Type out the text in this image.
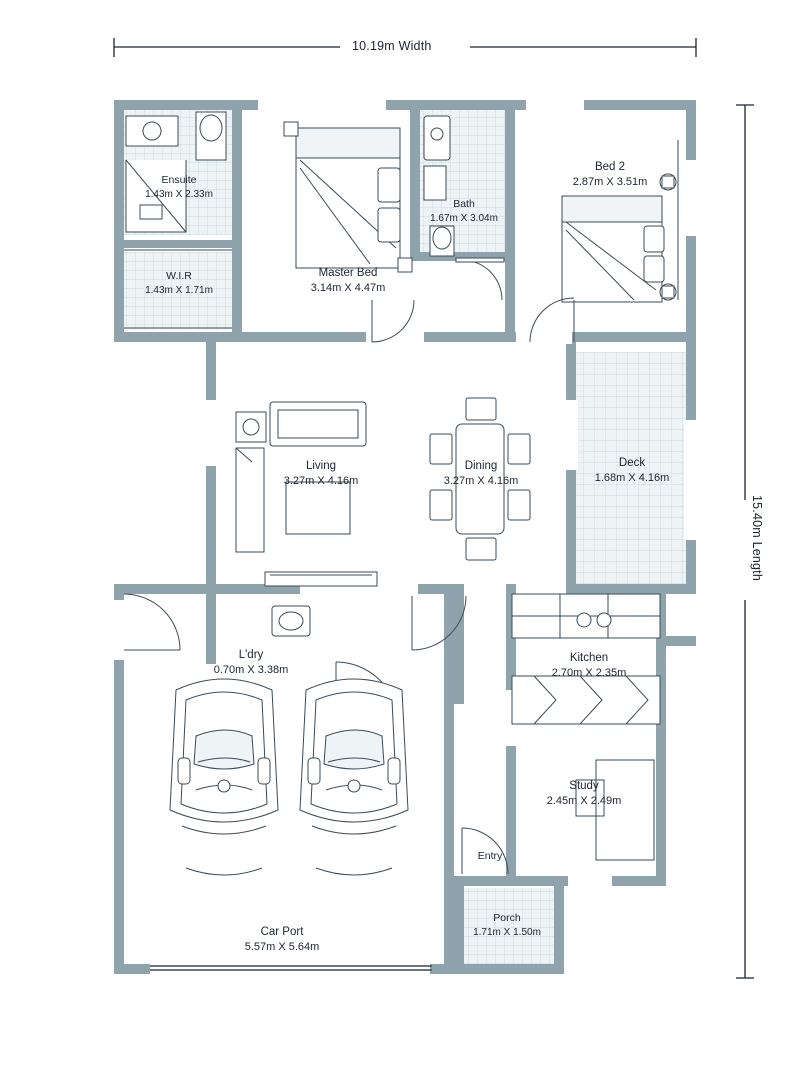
10.19m Width
15.40m Length
Ensuite
1.43m X 2.33m
W.I.R
1.43m X 1.71m
Master Bed
3.14m X 4.47m
Bath
1.67m X 3.04m
Bed 2
2.87m X 3.51m
Living
3.27m X 4.16m
Dining
3.27m X 4.16m
Deck
1.68m X 4.16m
L'dry
0.70m X 3.38m
Kitchen
2.70m X 2.35m
Study
2.45m X 2.49m
Entry
Car Port
5.57m X 5.64m
Porch
1.71m X 1.50m
